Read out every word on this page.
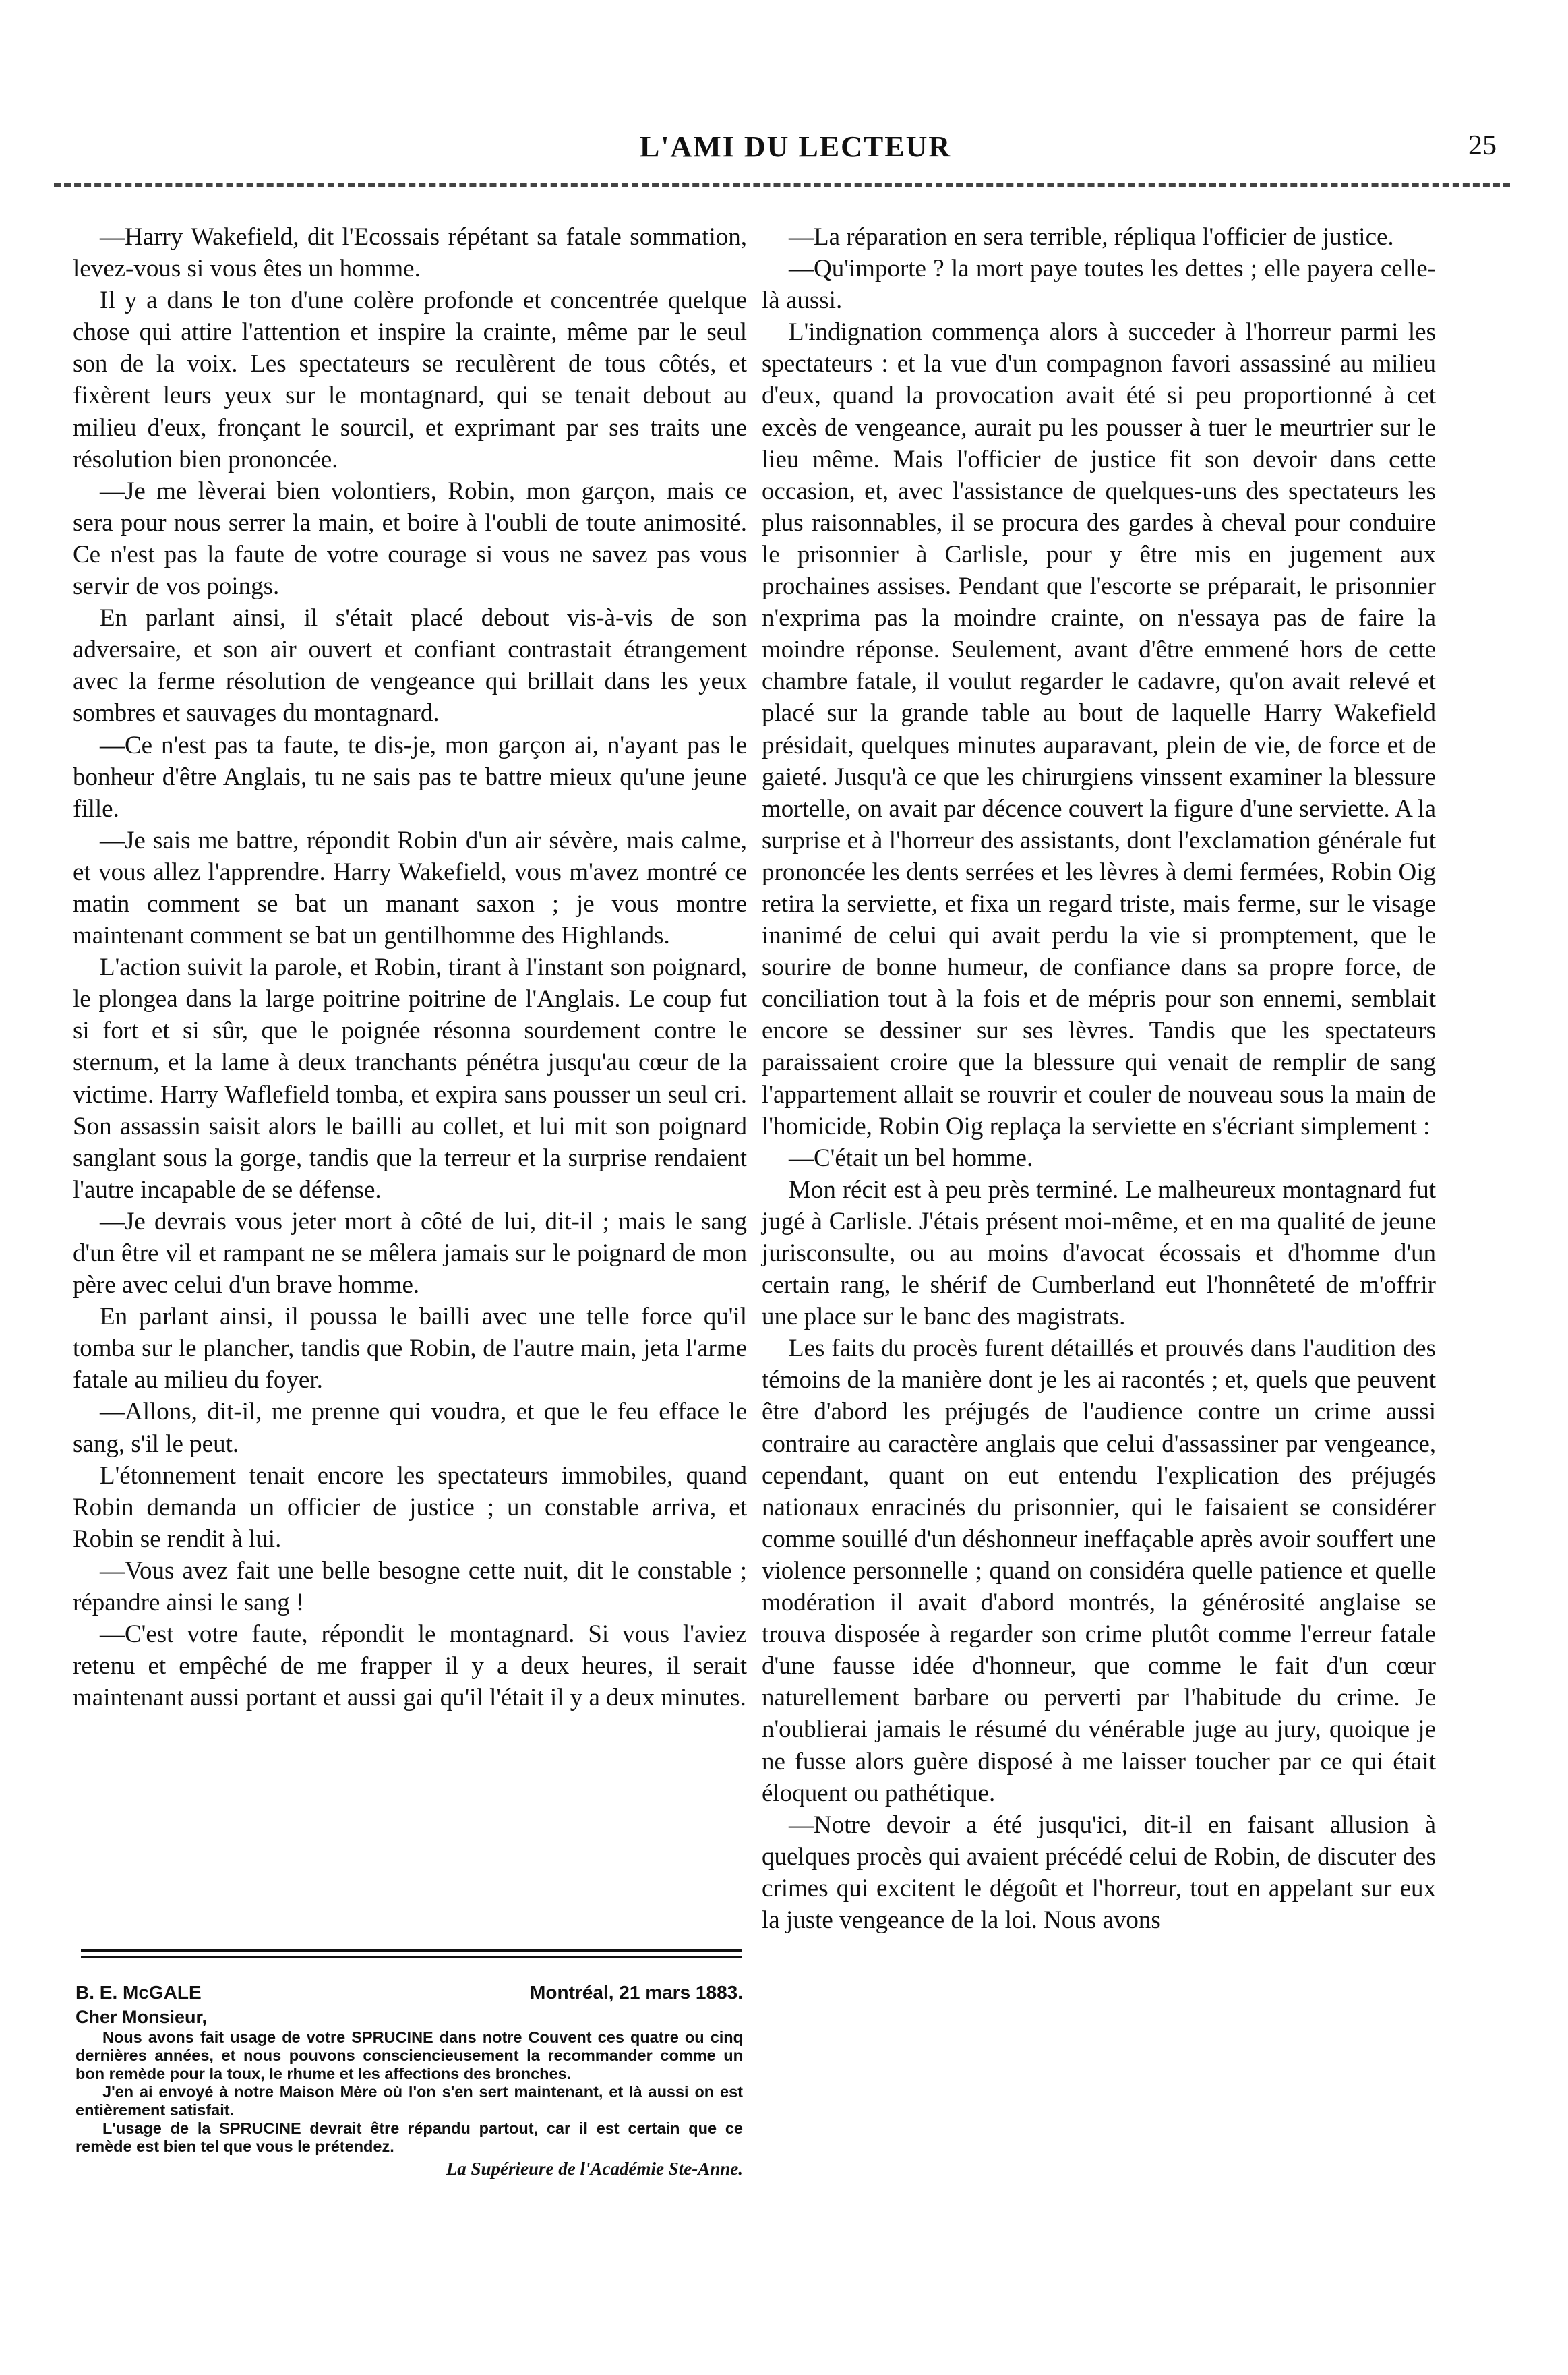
L'AMI DU LECTEUR	25

—Harry Wakefield, dit l'Ecossais répétant sa fatale sommation, levez-vous si vous êtes un homme.

Il y a dans le ton d'une colère profonde et concentrée quelque chose qui attire l'attention et inspire la crainte, même par le seul son de la voix. Les spectateurs se reculèrent de tous côtés, et fixèrent leurs yeux sur le montagnard, qui se tenait debout au milieu d'eux, fronçant le sourcil, et exprimant par ses traits une résolution bien prononcée.

—Je me lèverai bien volontiers, Robin, mon garçon, mais ce sera pour nous serrer la main, et boire à l'oubli de toute animosité. Ce n'est pas la faute de votre courage si vous ne savez pas vous servir de vos poings.

En parlant ainsi, il s'était placé debout vis-à-vis de son adversaire, et son air ouvert et confiant contrastait étrangement avec la ferme résolution de vengeance qui brillait dans les yeux sombres et sauvages du montagnard.

—Ce n'est pas ta faute, te dis-je, mon garçon ai, n'ayant pas le bonheur d'être Anglais, tu ne sais pas te battre mieux qu'une jeune fille.

—Je sais me battre, répondit Robin d'un air sévère, mais calme, et vous allez l'apprendre. Harry Wakefield, vous m'avez montré ce matin comment se bat un manant saxon ; je vous montre maintenant comment se bat un gentilhomme des Highlands.

L'action suivit la parole, et Robin, tirant à l'instant son poignard, le plongea dans la large poitrine poitrine de l'Anglais. Le coup fut si fort et si sûr, que le poignée résonna sourdement contre le sternum, et la lame à deux tranchants pénétra jusqu'au cœur de la victime. Harry Waflefield tomba, et expira sans pousser un seul cri. Son assassin saisit alors le bailli au collet, et lui mit son poignard sanglant sous la gorge, tandis que la terreur et la surprise rendaient l'autre incapable de se défense.

—Je devrais vous jeter mort à côté de lui, dit-il ; mais le sang d'un être vil et rampant ne se mêlera jamais sur le poignard de mon père avec celui d'un brave homme.

En parlant ainsi, il poussa le bailli avec une telle force qu'il tomba sur le plancher, tandis que Robin, de l'autre main, jeta l'arme fatale au milieu du foyer.

—Allons, dit-il, me prenne qui voudra, et que le feu efface le sang, s'il le peut.

L'étonnement tenait encore les spectateurs immobiles, quand Robin demanda un officier de justice ; un constable arriva, et Robin se rendit à lui.

—Vous avez fait une belle besogne cette nuit, dit le constable ; répandre ainsi le sang !

—C'est votre faute, répondit le montagnard. Si vous l'aviez retenu et empêché de me frapper il y a deux heures, il serait maintenant aussi portant et aussi gai qu'il l'était il y a deux minutes.

B. E. McGALE	Montréal, 21 mars 1883.
Cher Monsieur,

Nous avons fait usage de votre SPRUCINE dans notre Couvent ces quatre ou cinq dernières années, et nous pouvons consciencieusement la recommander comme un bon remède pour la toux, le rhume et les affections des bronches.

J'en ai envoyé à notre Maison Mère où l'on s'en sert maintenant, et là aussi on est entièrement satisfait.

L'usage de la SPRUCINE devrait être répandu partout, car il est certain que ce remède est bien tel que vous le prétendez.

La Supérieure de l'Académie Ste-Anne.

—La réparation en sera terrible, répliqua l'officier de justice.

—Qu'importe ? la mort paye toutes les dettes ; elle payera celle-là aussi.

L'indignation commença alors à succeder à l'horreur parmi les spectateurs : et la vue d'un compagnon favori assassiné au milieu d'eux, quand la provocation avait été si peu proportionné à cet excès de vengeance, aurait pu les pousser à tuer le meurtrier sur le lieu même. Mais l'officier de justice fit son devoir dans cette occasion, et, avec l'assistance de quelques-uns des spectateurs les plus raisonnables, il se procura des gardes à cheval pour conduire le prisonnier à Carlisle, pour y être mis en jugement aux prochaines assises. Pendant que l'escorte se préparait, le prisonnier n'exprima pas la moindre crainte, on n'essaya pas de faire la moindre réponse. Seulement, avant d'être emmené hors de cette chambre fatale, il voulut regarder le cadavre, qu'on avait relevé et placé sur la grande table au bout de laquelle Harry Wakefield présidait, quelques minutes auparavant, plein de vie, de force et de gaieté. Jusqu'à ce que les chirurgiens vinssent examiner la blessure mortelle, on avait par décence couvert la figure d'une serviette. A la surprise et à l'horreur des assistants, dont l'exclamation générale fut prononcée les dents serrées et les lèvres à demi fermées, Robin Oig retira la serviette, et fixa un regard triste, mais ferme, sur le visage inanimé de celui qui avait perdu la vie si promptement, que le sourire de bonne humeur, de confiance dans sa propre force, de conciliation tout à la fois et de mépris pour son ennemi, semblait encore se dessiner sur ses lèvres. Tandis que les spectateurs paraissaient croire que la blessure qui venait de remplir de sang l'appartement allait se rouvrir et couler de nouveau sous la main de l'homicide, Robin Oig replaça la serviette en s'écriant simplement :

—C'était un bel homme.

Mon récit est à peu près terminé. Le malheureux montagnard fut jugé à Carlisle. J'étais présent moi-même, et en ma qualité de jeune jurisconsulte, ou au moins d'avocat écossais et d'homme d'un certain rang, le shérif de Cumberland eut l'honnêteté de m'offrir une place sur le banc des magistrats.

Les faits du procès furent détaillés et prouvés dans l'audition des témoins de la manière dont je les ai racontés ; et, quels que peuvent être d'abord les préjugés de l'audience contre un crime aussi contraire au caractère anglais que celui d'assassiner par vengeance, cependant, quant on eut entendu l'explication des préjugés nationaux enracinés du prisonnier, qui le faisaient se considérer comme souillé d'un déshonneur ineffaçable après avoir souffert une violence personnelle ; quand on considéra quelle patience et quelle modération il avait d'abord montrés, la générosité anglaise se trouva disposée à regarder son crime plutôt comme l'erreur fatale d'une fausse idée d'honneur, que comme le fait d'un cœur naturellement barbare ou perverti par l'habitude du crime. Je n'oublierai jamais le résumé du vénérable juge au jury, quoique je ne fusse alors guère disposé à me laisser toucher par ce qui était éloquent ou pathétique.

—Notre devoir a été jusqu'ici, dit-il en faisant allusion à quelques procès qui avaient précédé celui de Robin, de discuter des crimes qui excitent le dégoût et l'horreur, tout en appelant sur eux la juste vengeance de la loi. Nous avons
